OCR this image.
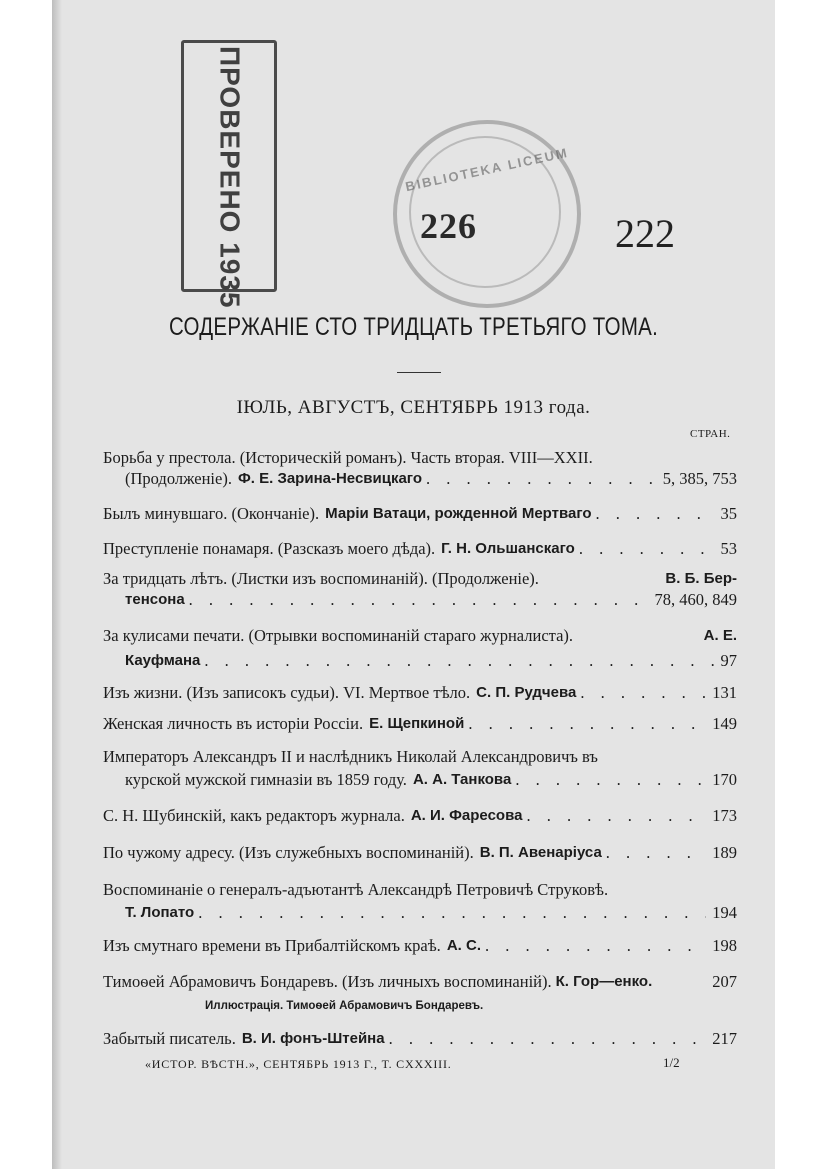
ПРОВЕРЕНО 1935	BIBLIOTEKA LICEUM
226	222
СОДЕРЖАНІЕ СТО ТРИДЦАТЬ ТРЕТЬЯГО ТОМА.
ІЮЛЬ, АВГУСТЪ, СЕНТЯБРЬ 1913 года.
СТРАН.
Борьба у престола. (Историческій романъ). Часть вторая. VIII—XXII.
(Продолженіе). Ф. Е. Зарина-Несвицкаго . . .	5, 385, 753
Былъ минувшаго. (Окончаніе). Маріи Ватаци, рожденной Мертваго . . .	35
Преступленіе понамаря. (Разсказъ моего дѣда). Г. Н. Ольшанскаго . . .	53
За тридцать лѣтъ. (Листки изъ воспоминаній). (Продолженіе).	В. Б. Бер-
тенсона . . .	78, 460, 849
За кулисами печати. (Отрывки воспоминаній стараго журналиста).	А. Е.
Кауфмана . . .	97
Изъ жизни. (Изъ записокъ судьи). VI. Мертвое тѣло. С. П. Рудчева . . .	131
Женская личность въ исторіи Россіи. Е. Щепкиной . . .	149
Императоръ Александръ II и наслѣдникъ Николай Александровичъ въ
курской мужской гимназіи въ 1859 году. А. А. Танкова . . .	170
С. Н. Шубинскій, какъ редакторъ журнала. А. И. Фаресова . . .	173
По чужому адресу. (Изъ служебныхъ воспоминаній). В. П. Авенаріуса . . .	189
Воспоминаніе о генералъ-адъютантѣ Александрѣ Петровичѣ Струковѣ.
Т. Лопато . . .	194
Изъ смутнаго времени въ Прибалтійскомъ краѣ. А. С. . . .	198
Тимоѳей Абрамовичъ Бондаревъ. (Изъ личныхъ воспоминаній). К. Гор—енко.	207
Иллюстрація. Тимоѳей Абрамовичъ Бондаревъ.
Забытый писатель. В. И. фонъ-Штейна . . .	217
«ИСТОР. ВѢСТН.», СЕНТЯБРЬ 1913 Г., Т. CXXXIII.	1/2
